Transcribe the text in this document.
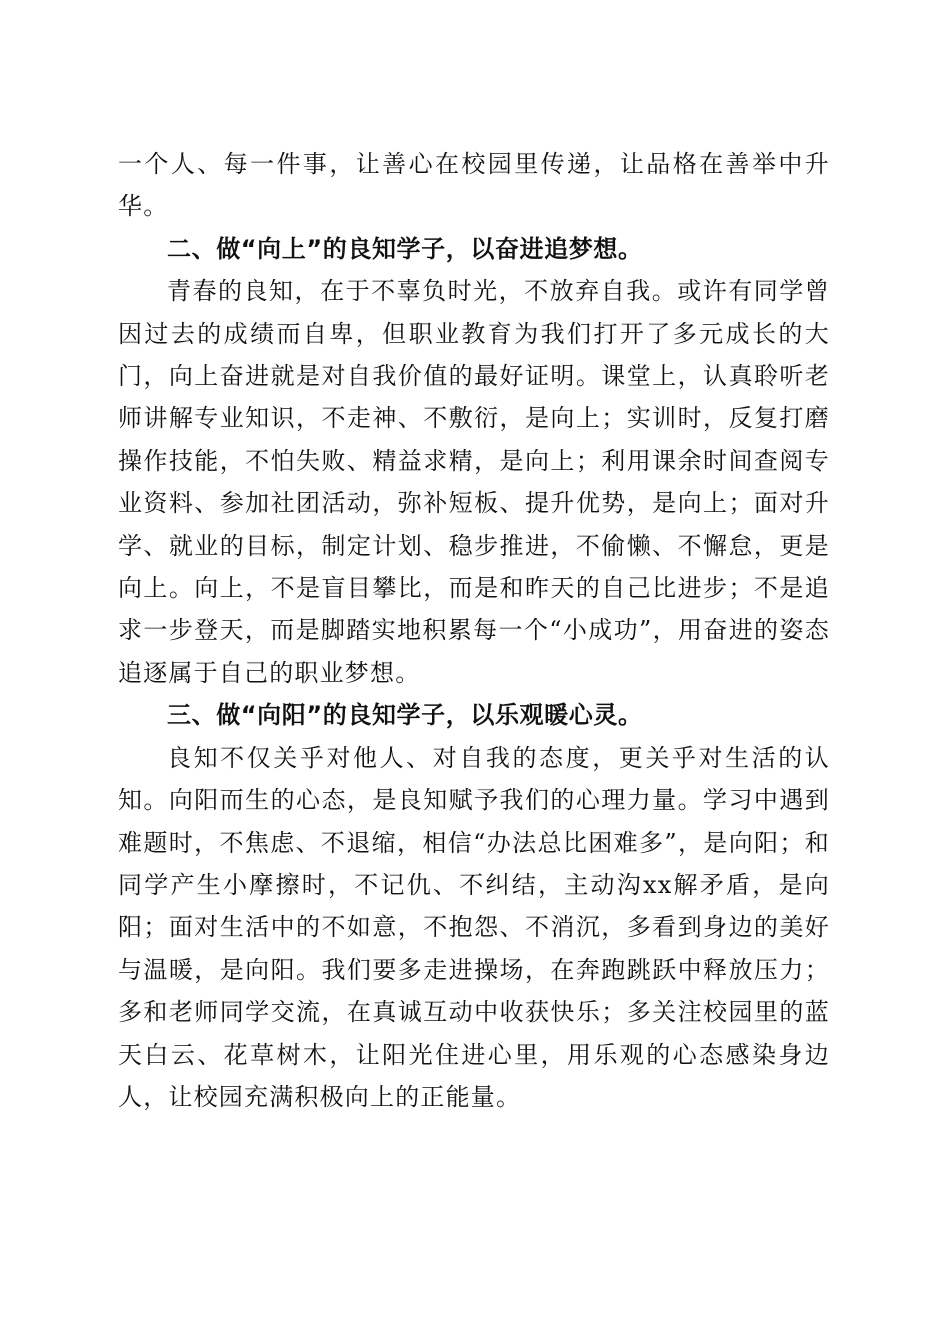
一个人、每一件事，让善心在校园里传递，让品格在善举中升华。

二、做“向上”的良知学子，以奋进追梦想。

青春的良知，在于不辜负时光，不放弃自我。或许有同学曾因过去的成绩而自卑，但职业教育为我们打开了多元成长的大门，向上奋进就是对自我价值的最好证明。课堂上，认真聆听老师讲解专业知识，不走神、不敷衍，是向上；实训时，反复打磨操作技能，不怕失败、精益求精，是向上；利用课余时间查阅专业资料、参加社团活动，弥补短板、提升优势，是向上；面对升学、就业的目标，制定计划、稳步推进，不偷懒、不懈怠，更是向上。向上，不是盲目攀比，而是和昨天的自己比进步；不是追求一步登天，而是脚踏实地积累每一个“小成功”，用奋进的姿态追逐属于自己的职业梦想。

三、做“向阳”的良知学子，以乐观暖心灵。

良知不仅关乎对他人、对自我的态度，更关乎对生活的认知。向阳而生的心态，是良知赋予我们的心理力量。学习中遇到难题时，不焦虑、不退缩，相信“办法总比困难多”，是向阳；和同学产生小摩擦时，不记仇、不纠结，主动沟xx解矛盾，是向阳；面对生活中的不如意，不抱怨、不消沉，多看到身边的美好与温暖，是向阳。我们要多走进操场，在奔跑跳跃中释放压力；多和老师同学交流，在真诚互动中收获快乐；多关注校园里的蓝天白云、花草树木，让阳光住进心里，用乐观的心态感染身边人，让校园充满积极向上的正能量。
